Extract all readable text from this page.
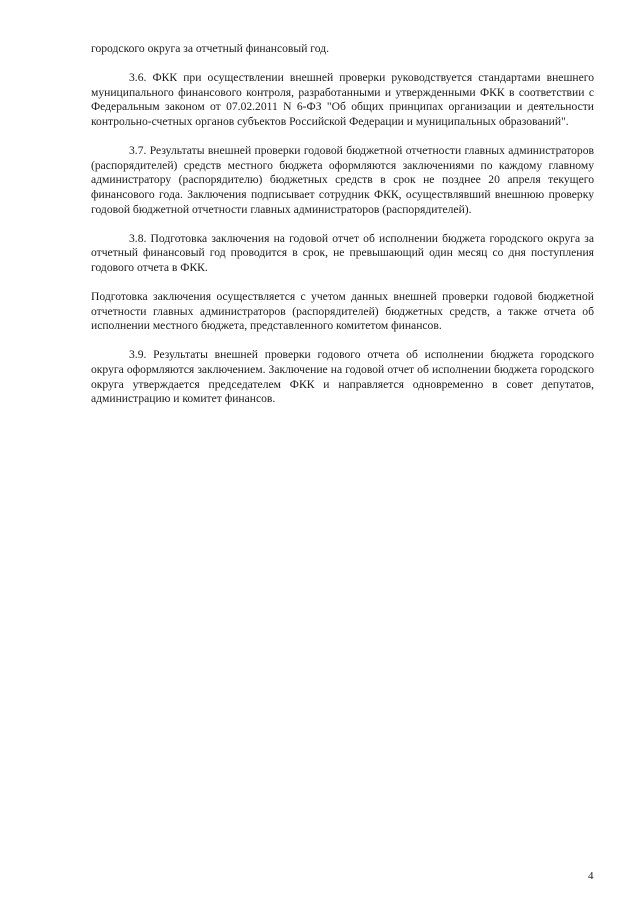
городского округа за отчетный финансовый год.

3.6. ФКК при осуществлении внешней проверки руководствуется стандартами внешнего муниципального финансового контроля, разработанными и утвержденными ФКК в соответствии с Федеральным законом от 07.02.2011 N 6-ФЗ "Об общих принципах организации и деятельности контрольно-счетных органов субъектов Российской Федерации и муниципальных образований".

3.7. Результаты внешней проверки годовой бюджетной отчетности главных администраторов (распорядителей) средств местного бюджета оформляются заключениями по каждому главному администратору (распорядителю) бюджетных средств в срок не позднее 20 апреля текущего финансового года. Заключения подписывает сотрудник ФКК, осуществлявший внешнюю проверку годовой бюджетной отчетности главных администраторов (распорядителей).

3.8. Подготовка заключения на годовой отчет об исполнении бюджета городского округа за отчетный финансовый год проводится в срок, не превышающий один месяц со дня поступления годового отчета в ФКК.

Подготовка заключения осуществляется с учетом данных внешней проверки годовой бюджетной отчетности главных администраторов (распорядителей) бюджетных средств, а также отчета об исполнении местного бюджета, представленного комитетом финансов.

3.9. Результаты внешней проверки годового отчета об исполнении бюджета городского округа оформляются заключением. Заключение на годовой отчет об исполнении бюджета городского округа утверждается председателем ФКК и направляется одновременно в совет депутатов, администрацию и комитет финансов.

4
